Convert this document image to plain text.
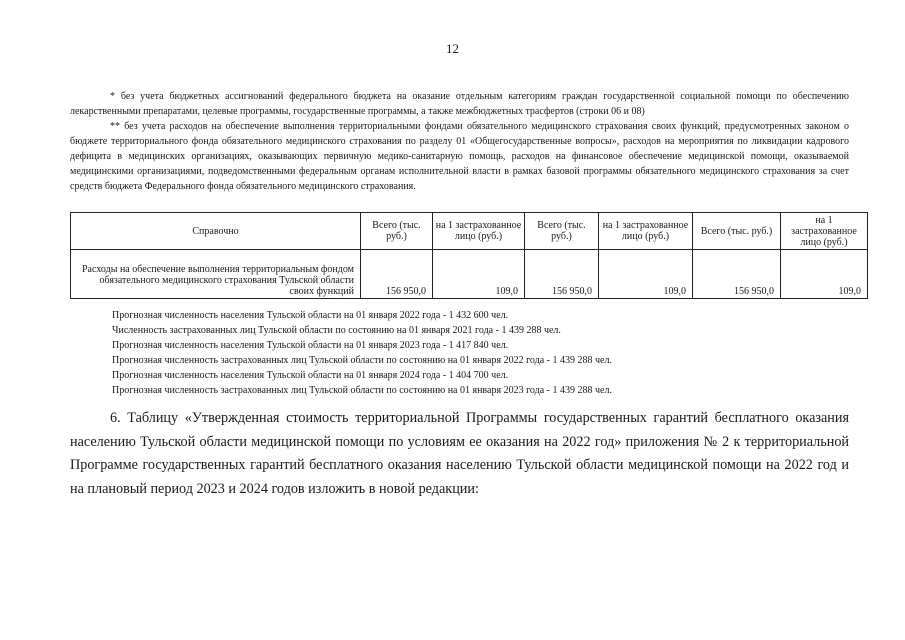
12
* без учета бюджетных ассигнований федерального бюджета на оказание отдельным категориям граждан государственной социальной помощи по обеспечению лекарственными препаратами, целевые программы, государственные программы, а также межбюджетных трасфертов (строки 06 и 08)
** без учета расходов на обеспечение выполнения территориальными фондами обязательного медицинского страхования своих функций, предусмотренных законом о бюджете территориального фонда обязательного медицинского страхования по разделу 01 «Общегосударственные вопросы», расходов на мероприятия по ликвидации кадрового дефицита в медицинских организациях, оказывающих первичную медико-санитарную помощь, расходов на финансовое обеспечение медицинской помощи, оказываемой медицинскими организациями, подведомственными федеральным органам исполнительной власти в рамках базовой программы обязательного медицинского страхования за счет средств бюджета Федерального фонда обязательного медицинского страхования.
Справочно	Всего (тыс. руб.)	на 1 застрахованное лицо (руб.)	Всего (тыс. руб.)	на 1 застрахованное лицо (руб.)	Всего (тыс. руб.)	на 1 застрахованное лицо (руб.)
Расходы на обеспечение выполнения территориальным фондом обязательного медицинского страхования Тульской области своих функций	156 950,0	109,0	156 950,0	109,0	156 950,0	109,0
Прогнозная численность населения Тульской области на 01 января 2022 года - 1 432 600 чел.
Численность застрахованных лиц Тульской области по состоянию на 01 января 2021 года - 1 439 288 чел.
Прогнозная численность населения Тульской области на 01 января 2023 года - 1 417 840 чел.
Прогнозная численность застрахованных лиц Тульской области по состоянию на 01 января 2022 года - 1 439 288 чел.
Прогнозная численность населения Тульской области на 01 января 2024 года - 1 404 700 чел.
Прогнозная численность застрахованных лиц Тульской области по состоянию на 01 января 2023 года - 1 439 288 чел.
6. Таблицу «Утвержденная стоимость территориальной Программы государственных гарантий бесплатного оказания населению Тульской области медицинской помощи по условиям ее оказания на 2022 год» приложения № 2 к территориальной Программе государственных гарантий бесплатного оказания населению Тульской области медицинской помощи на 2022 год и на плановый период 2023 и 2024 годов изложить в новой редакции:
